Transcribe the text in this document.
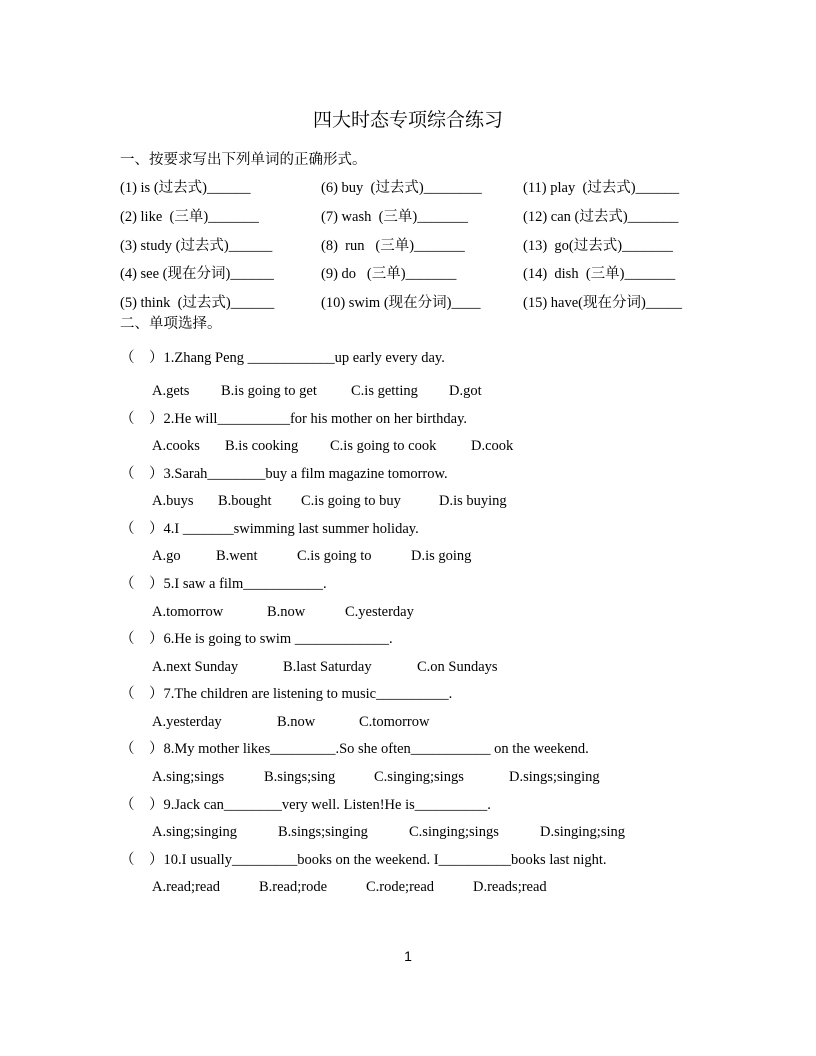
四大时态专项综合练习
一、按要求写出下列单词的正确形式。
(1) is (过去式)______	(6) buy  (过去式)________	(11) play  (过去式)______
(2) like  (三单)_______	(7) wash  (三单)_______	(12) can (过去式)_______
(3) study (过去式)______	(8)  run   (三单)_______	(13)  go(过去式)_______
(4) see (现在分词)______	(9) do   (三单)_______	(14)  dish  (三单)_______
(5) think  (过去式)______	(10) swim (现在分词)____	(15) have(现在分词)_____
二、单项选择。
（    ）1.Zhang Peng ____________up early every day.
A.gets B.is going to get C.is getting D.got
（    ）2.He will__________for his mother on her birthday.
A.cooks B.is cooking C.is going to cook D.cook
（    ）3.Sarah________buy a film magazine tomorrow.
A.buys B.bought C.is going to buy	D.is buying
（    ）4.I _______swimming last summer holiday.
A.go B.went	C.is going to	D.is going
（    ）5.I saw a film___________.
A.tomorrow	B.now	C.yesterday
（    ）6.He is going to swim _____________.
A.next Sunday	B.last Saturday	C.on Sundays
（    ）7.The children are listening to music__________.
A.yesterday	B.now	C.tomorrow
（    ）8.My mother likes_________.So she often___________ on the weekend.
A.sing;sings	B.sings;sing	C.singing;sings	D.sings;singing
（    ）9.Jack can________very well. Listen!He is__________.
A.sing;singing	B.sings;singing	C.singing;sings	D.singing;sing
（    ）10.I usually_________books on the weekend. I__________books last night.
A.read;read	B.read;rode	C.rode;read	D.reads;read
1
